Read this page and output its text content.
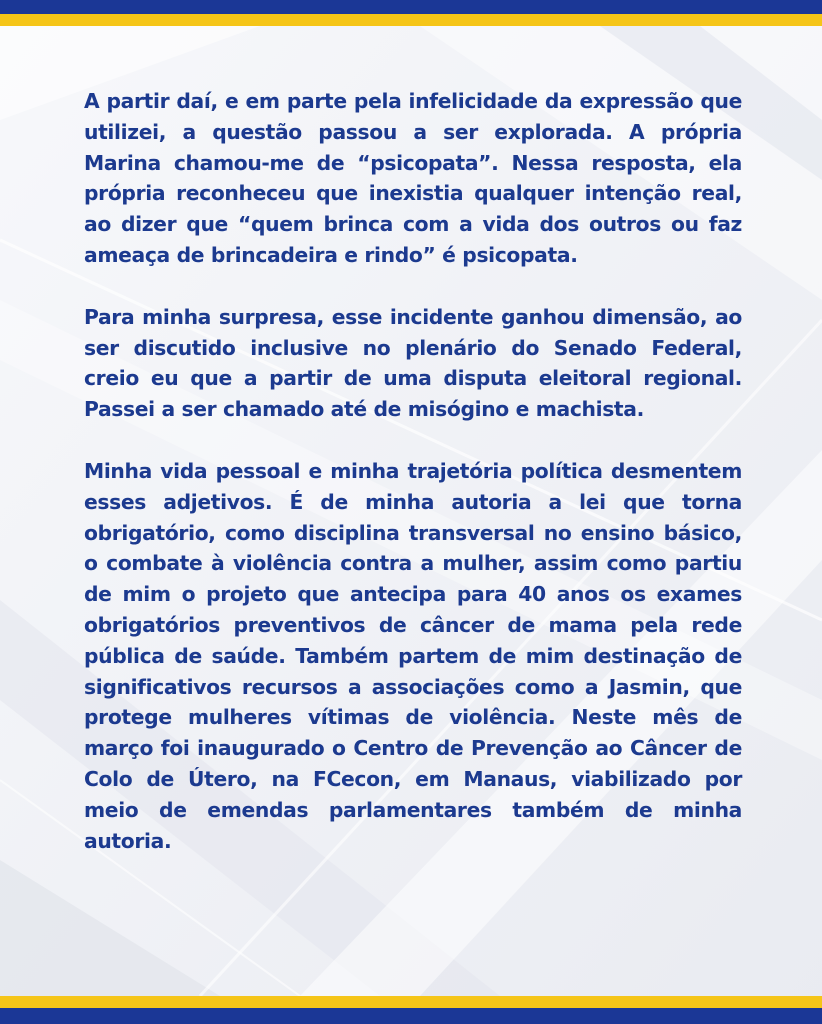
A partir daí, e em parte pela infelicidade da expressão que utilizei, a questão passou a ser explorada. A própria Marina chamou-me de “psicopata”. Nessa resposta, ela própria reconheceu que inexistia qualquer intenção real, ao dizer que “quem brinca com a vida dos outros ou faz ameaça de brincadeira e rindo” é psicopata.

Para minha surpresa, esse incidente ganhou dimensão, ao ser discutido inclusive no plenário do Senado Federal, creio eu que a partir de uma disputa eleitoral regional. Passei a ser chamado até de misógino e machista.

Minha vida pessoal e minha trajetória política desmentem esses adjetivos. É de minha autoria a lei que torna obrigatório, como disciplina transversal no ensino básico, o combate à violência contra a mulher, assim como partiu de mim o projeto que antecipa para 40 anos os exames obrigatórios preventivos de câncer de mama pela rede pública de saúde. Também partem de mim destinação de significativos recursos a associações como a Jasmin, que protege mulheres vítimas de violência. Neste mês de março foi inaugurado o Centro de Prevenção ao Câncer de Colo de Útero, na FCecon, em Manaus, viabilizado por meio de emendas parlamentares também de minha autoria.
